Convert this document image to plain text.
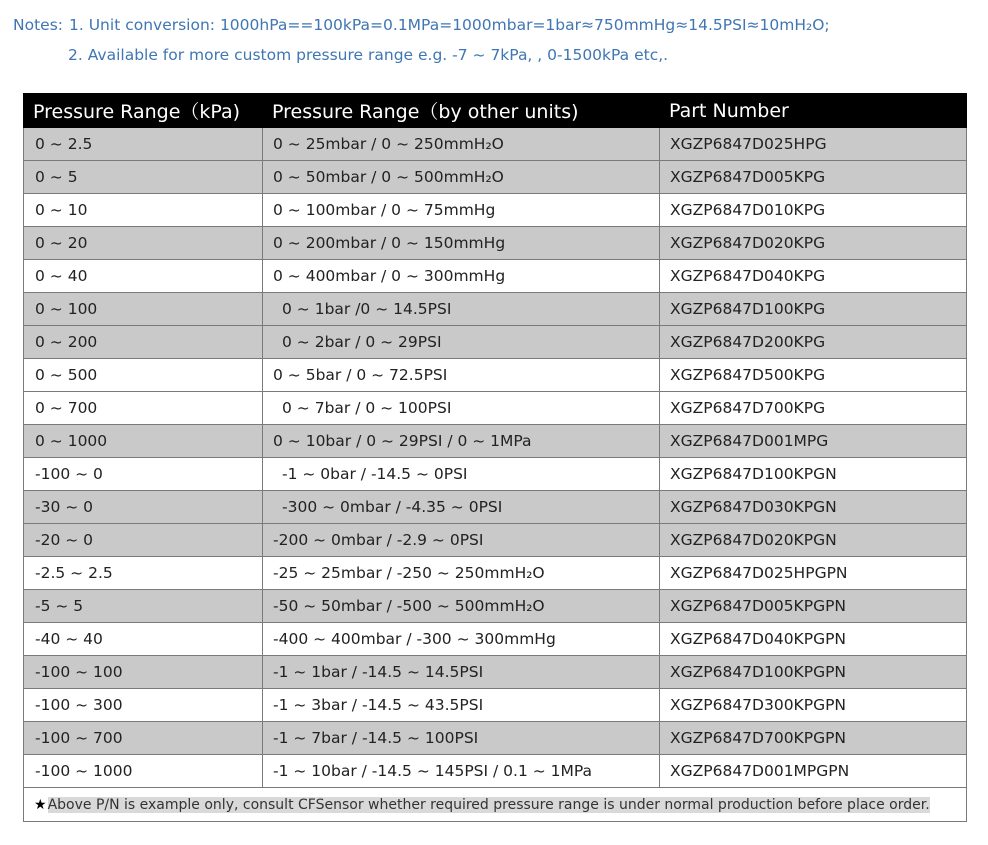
Notes: 1. Unit conversion: 1000hPa==100kPa=0.1MPa=1000mbar=1bar≈750mmHg≈14.5PSI≈10mH₂O;
2. Available for more custom pressure range e.g. -7 ~ 7kPa, , 0-1500kPa etc,.
Pressure Range（kPa)	Pressure Range（by other units)	Part Number
0 ~ 2.5	0 ~ 25mbar / 0 ~ 250mmH₂O	XGZP6847D025HPG
0 ~ 5	0 ~ 50mbar / 0 ~ 500mmH₂O	XGZP6847D005KPG
0 ~ 10	0 ~ 100mbar / 0 ~ 75mmHg	XGZP6847D010KPG
0 ~ 20	0 ~ 200mbar / 0 ~ 150mmHg	XGZP6847D020KPG
0 ~ 40	0 ~ 400mbar / 0 ~ 300mmHg	XGZP6847D040KPG
0 ~ 100	0 ~ 1bar /0 ~ 14.5PSI	XGZP6847D100KPG
0 ~ 200	0 ~ 2bar / 0 ~ 29PSI	XGZP6847D200KPG
0 ~ 500	0 ~ 5bar / 0 ~ 72.5PSI	XGZP6847D500KPG
0 ~ 700	0 ~ 7bar / 0 ~ 100PSI	XGZP6847D700KPG
0 ~ 1000	0 ~ 10bar / 0 ~ 29PSI / 0 ~ 1MPa	XGZP6847D001MPG
-100 ~ 0	-1 ~ 0bar / -14.5 ~ 0PSI	XGZP6847D100KPGN
-30 ~ 0	-300 ~ 0mbar / -4.35 ~ 0PSI	XGZP6847D030KPGN
-20 ~ 0	-200 ~ 0mbar / -2.9 ~ 0PSI	XGZP6847D020KPGN
-2.5 ~ 2.5	-25 ~ 25mbar / -250 ~ 250mmH₂O	XGZP6847D025HPGPN
-5 ~ 5	-50 ~ 50mbar / -500 ~ 500mmH₂O	XGZP6847D005KPGPN
-40 ~ 40	-400 ~ 400mbar / -300 ~ 300mmHg	XGZP6847D040KPGPN
-100 ~ 100	-1 ~ 1bar / -14.5 ~ 14.5PSI	XGZP6847D100KPGPN
-100 ~ 300	-1 ~ 3bar / -14.5 ~ 43.5PSI	XGZP6847D300KPGPN
-100 ~ 700	-1 ~ 7bar / -14.5 ~ 100PSI	XGZP6847D700KPGPN
-100 ~ 1000	-1 ~ 10bar / -14.5 ~ 145PSI / 0.1 ~ 1MPa	XGZP6847D001MPGPN
★Above P/N is example only, consult CFSensor whether required pressure range is under normal production before place order.		
